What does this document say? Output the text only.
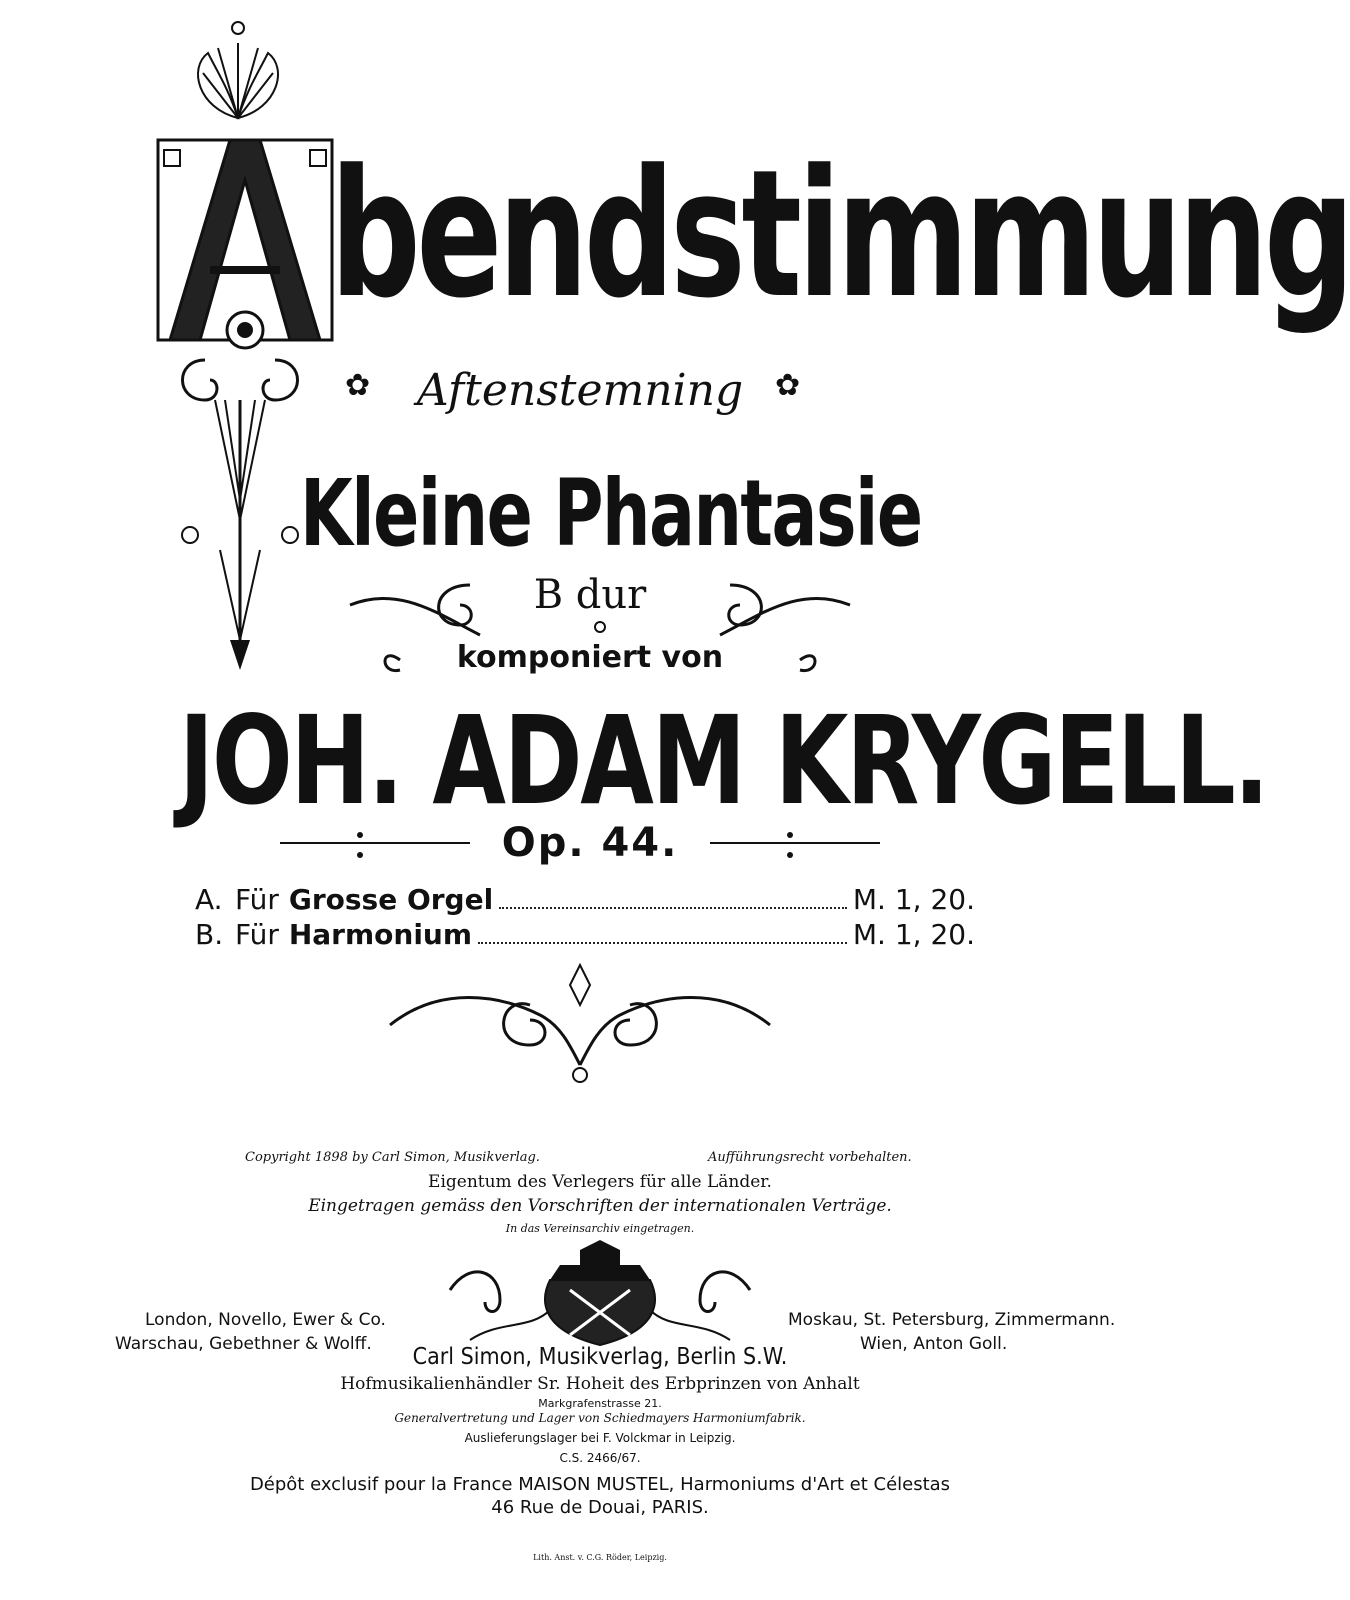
bendstimmung
✿	Aftenstemning	✿
Kleine Phantasie
B dur
komponiert von
JOH. ADAM KRYGELL.
Op. 44.
A. Für Grosse Orgel	M. 1, 20.
B. Für Harmonium	M. 1, 20.
Copyright 1898 by Carl Simon, Musikverlag.	Aufführungsrecht vorbehalten.
Eigentum des Verlegers für alle Länder.
Eingetragen gemäss den Vorschriften der internationalen Verträge.
In das Vereinsarchiv eingetragen.
London, Novello, Ewer & Co.
Warschau, Gebethner & Wolff.
Moskau, St. Petersburg, Zimmermann.
Wien, Anton Goll.
Carl Simon, Musikverlag, Berlin S.W.
Hofmusikalienhändler Sr. Hoheit des Erbprinzen von Anhalt
Markgrafenstrasse 21.
Generalvertretung und Lager von Schiedmayers Harmoniumfabrik.
Auslieferungslager bei F. Volckmar in Leipzig.
C.S. 2466/67.
Dépôt exclusif pour la France MAISON MUSTEL, Harmoniums d'Art et Célestas
46 Rue de Douai, PARIS.
Lith. Anst. v. C.G. Röder, Leipzig.
